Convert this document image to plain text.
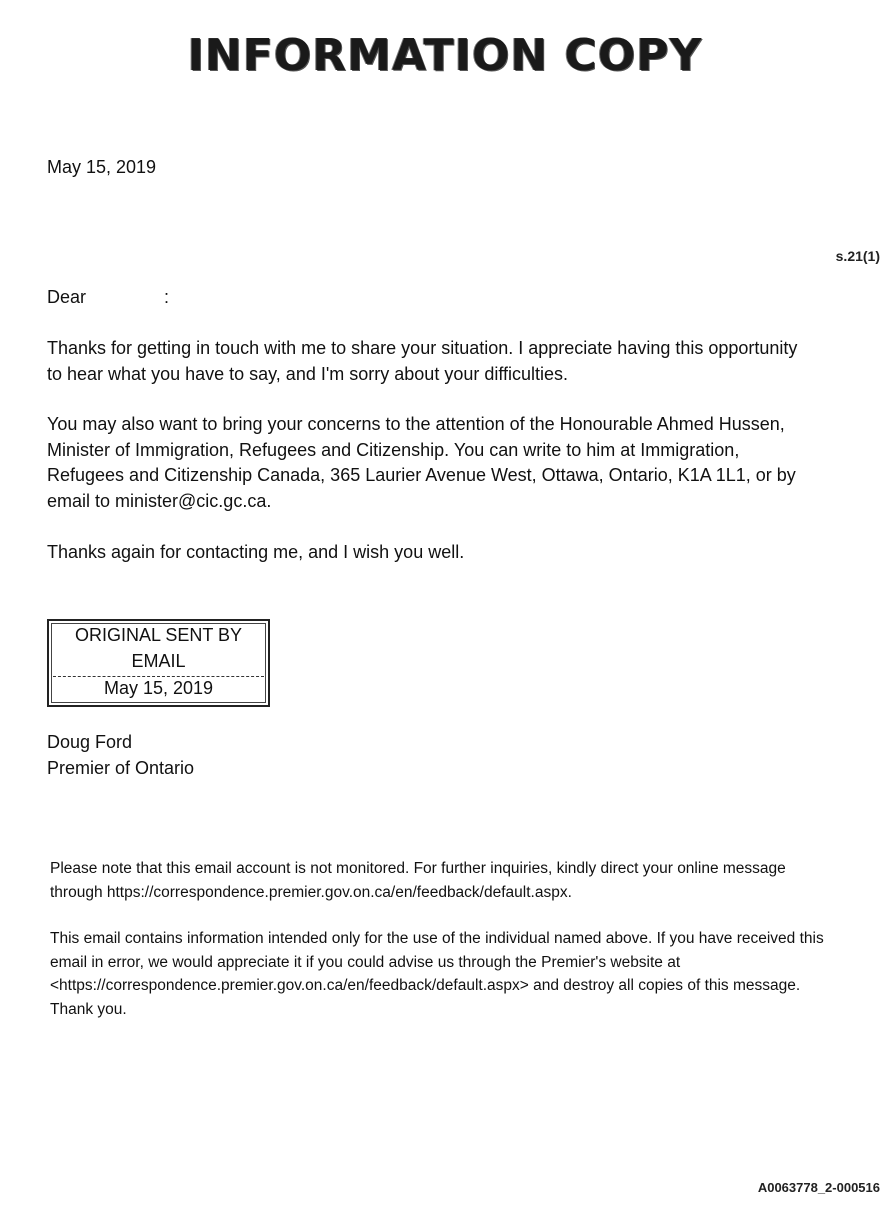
INFORMATION COPY

May 15, 2019

s.21(1)

Dear	:

Thanks for getting in touch with me to share your situation. I appreciate having this opportunity to hear what you have to say, and I'm sorry about your difficulties.

You may also want to bring your concerns to the attention of the Honourable Ahmed Hussen, Minister of Immigration, Refugees and Citizenship. You can write to him at Immigration, Refugees and Citizenship Canada, 365 Laurier Avenue West, Ottawa, Ontario, K1A 1L1, or by email to minister@cic.gc.ca.

Thanks again for contacting me, and I wish you well.

ORIGINAL SENT BY
EMAIL
May 15, 2019
Doug Ford
Premier of Ontario

Please note that this email account is not monitored. For further inquiries, kindly direct your online message through https://correspondence.premier.gov.on.ca/en/feedback/default.aspx.

This email contains information intended only for the use of the individual named above. If you have received this email in error, we would appreciate it if you could advise us through the Premier's website at <https://correspondence.premier.gov.on.ca/en/feedback/default.aspx> and destroy all copies of this message. Thank you.

A0063778_2-000516
